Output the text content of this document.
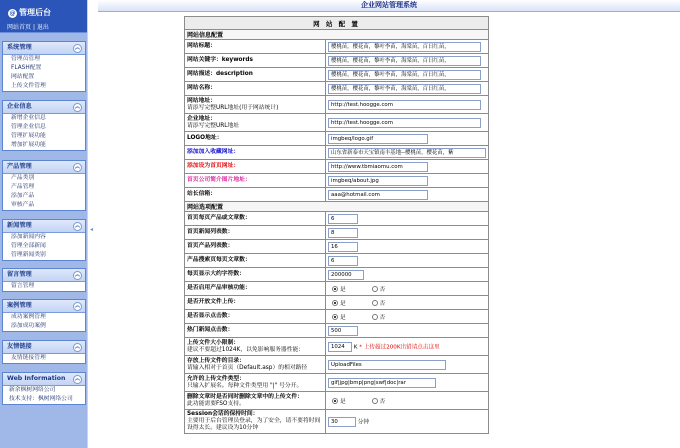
@ 管理后台
网站首页 | 退出
系统管理	︽
管理员管理
FLASH配置
网站配置
上传文件管理
企业信息	︽
新增企业信息
管理企业信息
管理扩展功能
增加扩展功能
产品管理	︽
产品类别
产品管理
添加产品
审核产品
新闻管理	︽
添加新闻内容
管理全部新闻
管理新闻类别
留言管理	︽
留言管理
案例管理	︽
成功案例管理
添加成功案例
友情链接	︽
友情链接管理
Web Information	︽
新余枫树网络公司
技术支持：枫树网络公司
◂
企业网站管理系统
网 站 配 置	
网站信息配置	
网站标题：	樱桃苗，樱花苗，黎叶李苗，海棠苗，百日红苗，
网站关键字：keywords	樱桃苗，樱花苗，黎叶李苗，海棠苗，百日红苗，
网站描述：description	樱桃苗，樱花苗，黎叶李苗，海棠苗，百日红苗，
网站名称：	樱桃苗，樱花苗，黎叶李苗，海棠苗，百日红苗，
网站地址：
请添写完整URL地址(用于网站统计)	http://test.hoogge.com
企业地址：
请添写完整URL地址	http://test.hoogge.com
LOGO地址：	imgbeq/logo.gif
添加加入收藏网址：	山东省新泰市天宝镇南丰基地--樱桃苗，樱花苗，紫
添加设为首页网址：	http://www.tbmiaomu.com
首页公司简介图片地址：	imgbeq/about.jpg
站长信箱：	aaa@hotmail.com
网站选项配置	
首页每页产品或文章数：	6
首页新闻列表数：	8
首页产品列表数：	16
产品搜索页每页文章数：	6
每页显示大约字符数：	200000
是否启用产品审核功能：	是 否
是否开放文件上传：	是 否
是否显示点击数：	是 否
热门新闻点击数：	500
上传文件大小限制：
建议不要超过1024K，以免影响服务器性能：	1024 K * 上传超过200K出错请点击这里
存放上传文件的目录：
请输入相对于首页（Default.asp）的相对路径	UploadFiles
允许的上传文件类型：
只输入扩展名。每种文件类型用 "|" 号分开。	gif|jpg|bmp|png|swf|doc|rar
删除文章时是否同时删除文章中的上传文件：
此功能需要FSO支持。	是 否
Session会话的保持时间：
主要用于后台管理员登录，为了安全，请不要将时间设得太长。建议设为10分钟	30 分钟
